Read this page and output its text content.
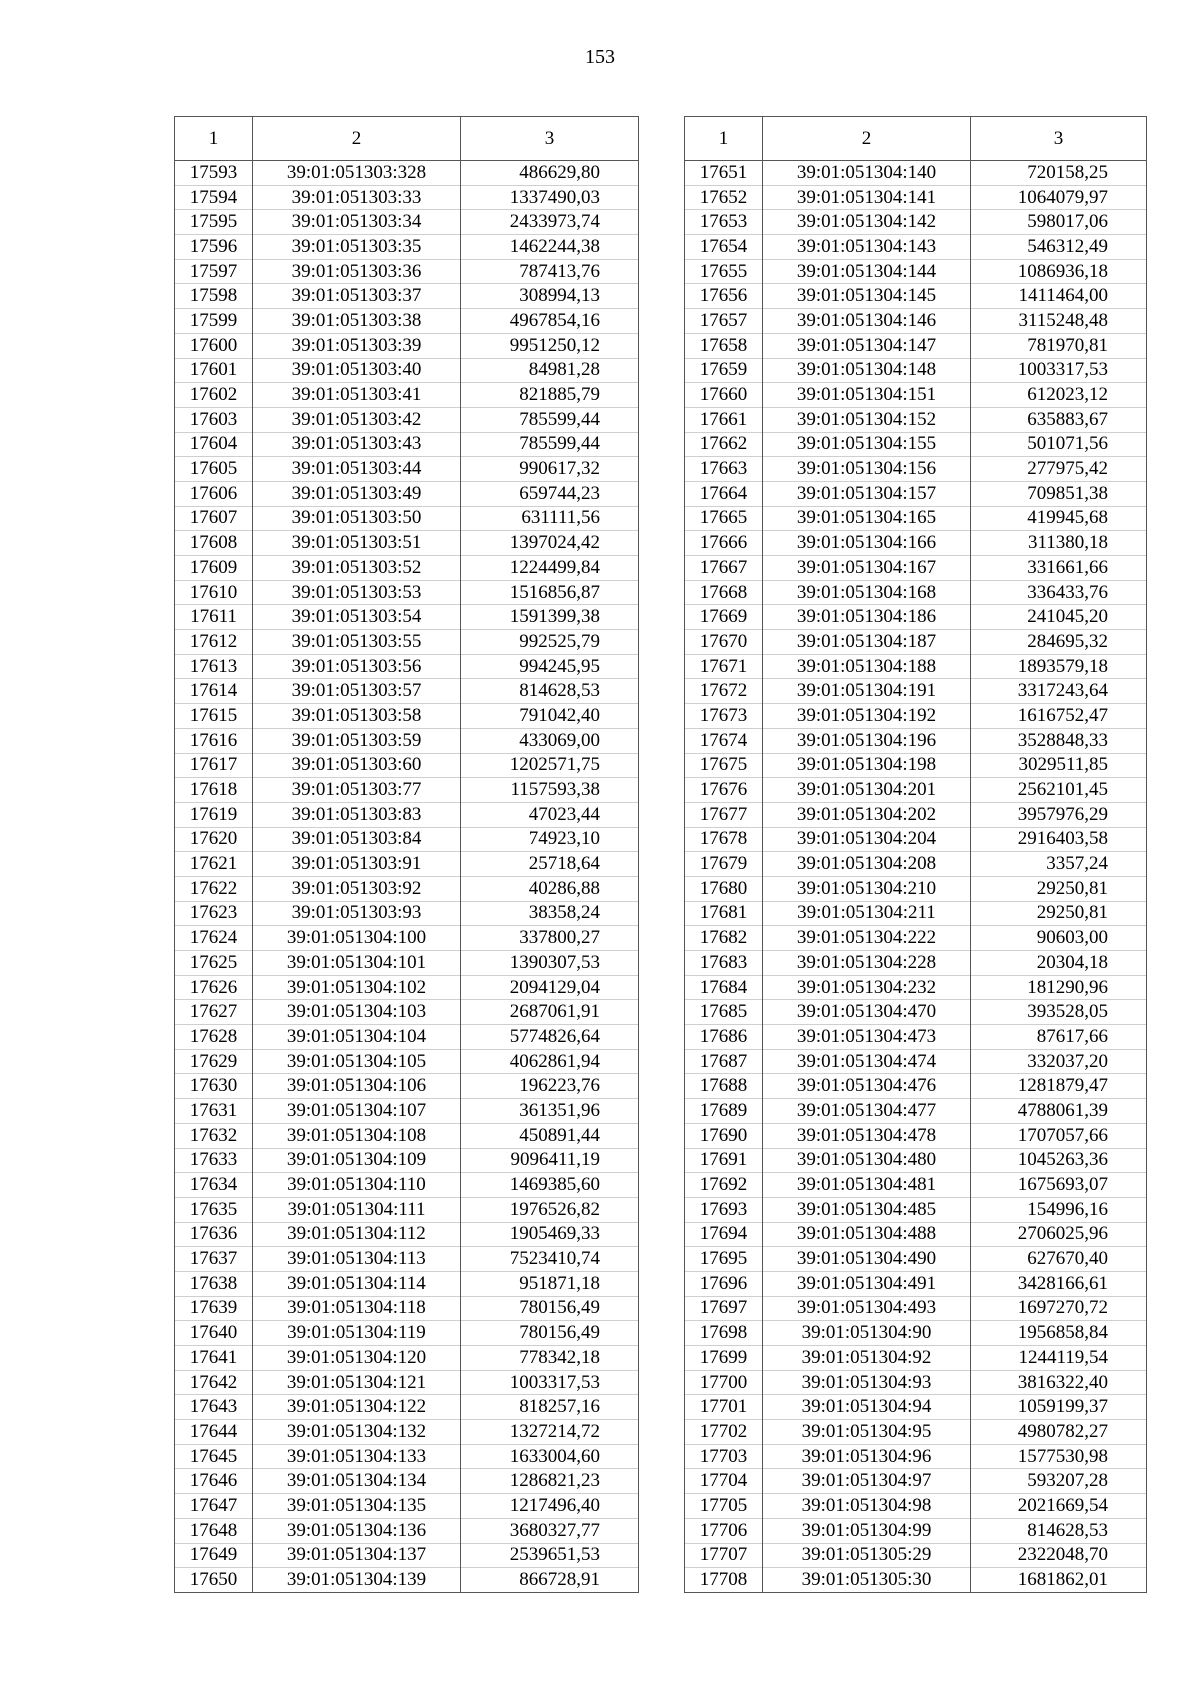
153
1	2	3
17593	39:01:051303:328	486629,80
17594	39:01:051303:33	1337490,03
17595	39:01:051303:34	2433973,74
17596	39:01:051303:35	1462244,38
17597	39:01:051303:36	787413,76
17598	39:01:051303:37	308994,13
17599	39:01:051303:38	4967854,16
17600	39:01:051303:39	9951250,12
17601	39:01:051303:40	84981,28
17602	39:01:051303:41	821885,79
17603	39:01:051303:42	785599,44
17604	39:01:051303:43	785599,44
17605	39:01:051303:44	990617,32
17606	39:01:051303:49	659744,23
17607	39:01:051303:50	631111,56
17608	39:01:051303:51	1397024,42
17609	39:01:051303:52	1224499,84
17610	39:01:051303:53	1516856,87
17611	39:01:051303:54	1591399,38
17612	39:01:051303:55	992525,79
17613	39:01:051303:56	994245,95
17614	39:01:051303:57	814628,53
17615	39:01:051303:58	791042,40
17616	39:01:051303:59	433069,00
17617	39:01:051303:60	1202571,75
17618	39:01:051303:77	1157593,38
17619	39:01:051303:83	47023,44
17620	39:01:051303:84	74923,10
17621	39:01:051303:91	25718,64
17622	39:01:051303:92	40286,88
17623	39:01:051303:93	38358,24
17624	39:01:051304:100	337800,27
17625	39:01:051304:101	1390307,53
17626	39:01:051304:102	2094129,04
17627	39:01:051304:103	2687061,91
17628	39:01:051304:104	5774826,64
17629	39:01:051304:105	4062861,94
17630	39:01:051304:106	196223,76
17631	39:01:051304:107	361351,96
17632	39:01:051304:108	450891,44
17633	39:01:051304:109	9096411,19
17634	39:01:051304:110	1469385,60
17635	39:01:051304:111	1976526,82
17636	39:01:051304:112	1905469,33
17637	39:01:051304:113	7523410,74
17638	39:01:051304:114	951871,18
17639	39:01:051304:118	780156,49
17640	39:01:051304:119	780156,49
17641	39:01:051304:120	778342,18
17642	39:01:051304:121	1003317,53
17643	39:01:051304:122	818257,16
17644	39:01:051304:132	1327214,72
17645	39:01:051304:133	1633004,60
17646	39:01:051304:134	1286821,23
17647	39:01:051304:135	1217496,40
17648	39:01:051304:136	3680327,77
17649	39:01:051304:137	2539651,53
17650	39:01:051304:139	866728,91
1	2	3
17651	39:01:051304:140	720158,25
17652	39:01:051304:141	1064079,97
17653	39:01:051304:142	598017,06
17654	39:01:051304:143	546312,49
17655	39:01:051304:144	1086936,18
17656	39:01:051304:145	1411464,00
17657	39:01:051304:146	3115248,48
17658	39:01:051304:147	781970,81
17659	39:01:051304:148	1003317,53
17660	39:01:051304:151	612023,12
17661	39:01:051304:152	635883,67
17662	39:01:051304:155	501071,56
17663	39:01:051304:156	277975,42
17664	39:01:051304:157	709851,38
17665	39:01:051304:165	419945,68
17666	39:01:051304:166	311380,18
17667	39:01:051304:167	331661,66
17668	39:01:051304:168	336433,76
17669	39:01:051304:186	241045,20
17670	39:01:051304:187	284695,32
17671	39:01:051304:188	1893579,18
17672	39:01:051304:191	3317243,64
17673	39:01:051304:192	1616752,47
17674	39:01:051304:196	3528848,33
17675	39:01:051304:198	3029511,85
17676	39:01:051304:201	2562101,45
17677	39:01:051304:202	3957976,29
17678	39:01:051304:204	2916403,58
17679	39:01:051304:208	3357,24
17680	39:01:051304:210	29250,81
17681	39:01:051304:211	29250,81
17682	39:01:051304:222	90603,00
17683	39:01:051304:228	20304,18
17684	39:01:051304:232	181290,96
17685	39:01:051304:470	393528,05
17686	39:01:051304:473	87617,66
17687	39:01:051304:474	332037,20
17688	39:01:051304:476	1281879,47
17689	39:01:051304:477	4788061,39
17690	39:01:051304:478	1707057,66
17691	39:01:051304:480	1045263,36
17692	39:01:051304:481	1675693,07
17693	39:01:051304:485	154996,16
17694	39:01:051304:488	2706025,96
17695	39:01:051304:490	627670,40
17696	39:01:051304:491	3428166,61
17697	39:01:051304:493	1697270,72
17698	39:01:051304:90	1956858,84
17699	39:01:051304:92	1244119,54
17700	39:01:051304:93	3816322,40
17701	39:01:051304:94	1059199,37
17702	39:01:051304:95	4980782,27
17703	39:01:051304:96	1577530,98
17704	39:01:051304:97	593207,28
17705	39:01:051304:98	2021669,54
17706	39:01:051304:99	814628,53
17707	39:01:051305:29	2322048,70
17708	39:01:051305:30	1681862,01
